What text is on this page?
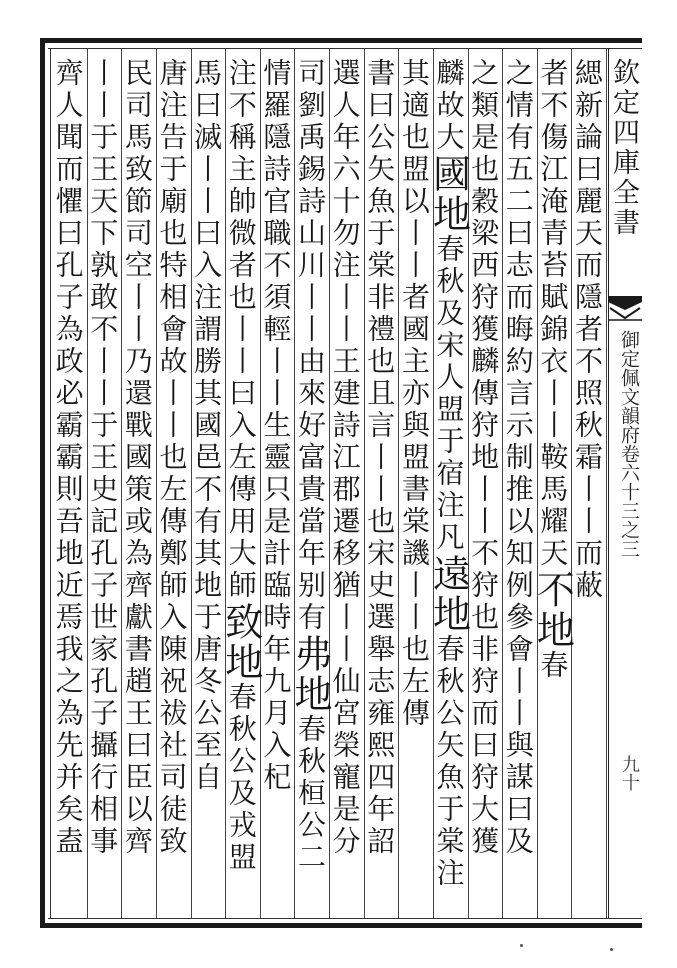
欽定四庫全書
御定佩文韻府卷六十三之三
九十
緦新論曰麗天而隱者不照秋霜丨丨而蔽
者不傷江淹青苔賦錦衣丨丨鞍馬耀天不地春
之情有五二曰志而晦約言示制推以知例參會丨丨與謀曰及
之類是也穀梁西狩獲麟傳狩地丨丨不狩也非狩而曰狩大獲
麟故大國地春秋及宋人盟于宿注凡遠地春秋公矢魚于棠注
其適也盟以丨丨者國主亦與盟書棠譏丨丨也左傳
書曰公矢魚于棠非禮也且言丨丨也宋史選舉志雍熙四年詔
選人年六十勿注丨丨王建詩江郡遷移猶丨丨仙宮榮寵是分
司劉禹錫詩山川丨丨由來好富貴當年别有弗地春秋桓公二
情羅隱詩官職不須輕丨丨生靈只是計臨時年九月入杞
注不稱主帥微者也丨丨曰入左傳用大師致地春秋公及戎盟
馬曰滅丨丨曰入注謂勝其國邑不有其地于唐冬公至自
唐注告于廟也特相會故丨丨也左傳鄭師入陳祝祓社司徒致
民司馬致節司空丨丨乃還戰國策或為齊獻書趙王曰臣以齊
丨丨于王天下孰敢不丨丨于王史記孔子世家孔子攝行相事
齊人聞而懼曰孔子為政必霸霸則吾地近焉我之為先并矣盍
